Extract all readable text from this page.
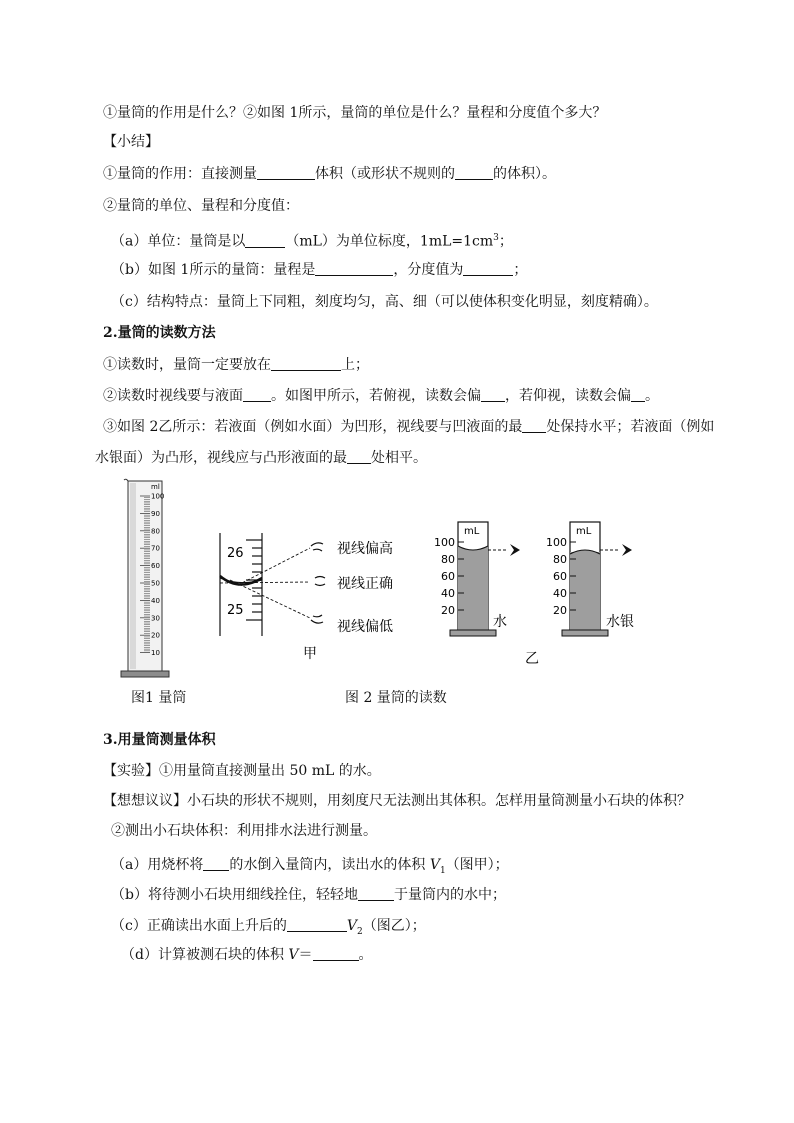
①量筒的作用是什么？②如图 1所示，量筒的单位是什么？量程和分度值个多大？
【小结】
①量筒的作用：直接测量	体积（或形状不规则的	的体积）。
②量筒的单位、量程和分度值：
（a）单位：量筒是以	（mL）为单位标度，$1mL=1cm^3$；
（b）如图 1所示的量筒：量程是	，分度值为	；
（c）结构特点：量筒上下同粗，刻度均匀，高、细（可以使体积变化明显，刻度精确）。
2.量筒的读数方法
①读数时，量筒一定要放在	上；
②读数时视线要与液面 。如图甲所示，若俯视，读数会偏 ，若仰视，读数会偏 。
③如图 2乙所示：若液面（例如水面）为凹形，视线要与凹液面的最 处保持水平；若液面（例如
水银面）为凸形，视线应与凸形液面的最 处相平。
ml
100
90
80
70
60
50
40
30
20
10
26
25
视线偏高
视线正确
视线偏低
甲
mL
100
80
60
40
20
水
mL
100
80
60
40
20
水银
乙
图1 量筒	图 2 量筒的读数
3.用量筒测量体积
【实验】①用量筒直接测量出 50 mL 的水。
【想想议议】小石块的形状不规则，用刻度尺无法测出其体积。怎样用量筒测量小石块的体积？
②测出小石块体积：利用排水法进行测量。
（a）用烧杯将 的水倒入量筒内，读出水的体积 $V_1$（图甲）；
（b）将待测小石块用细线拴住，轻轻地	于量筒内的水中；
（c）正确读出水面上升后的	$V_2$（图乙）；
（d）计算被测石块的体积 V＝	。
